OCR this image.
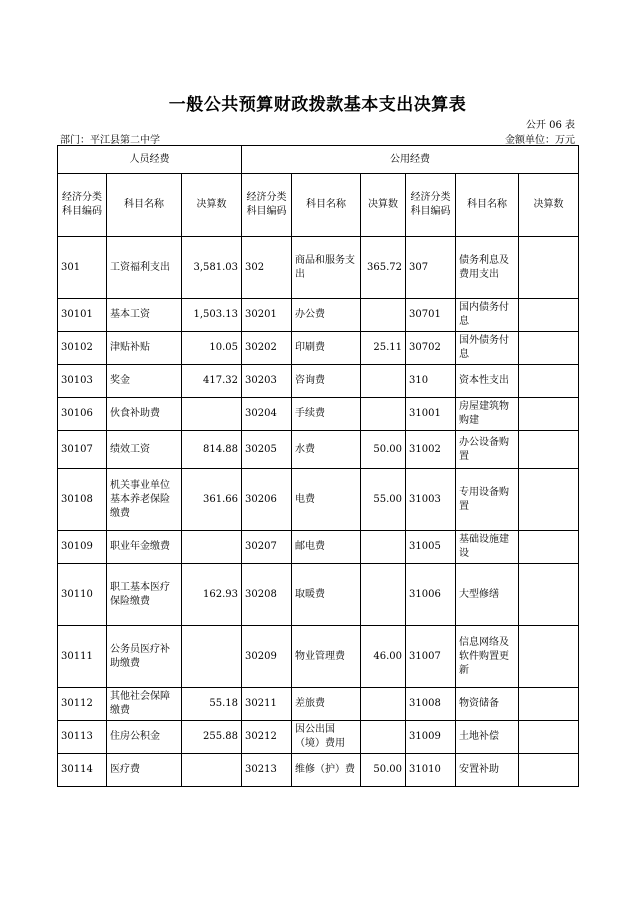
一般公共预算财政拨款基本支出决算表
公开 06 表
部门：平江县第二中学	金额单位：万元
人员经费			公用经费					
经济分类科目编码	科目名称	决算数	经济分类科目编码	科目名称	决算数	经济分类科目编码	科目名称	决算数
301	工资福利支出	3,581.03	302	商品和服务支出	365.72	307	债务利息及费用支出	
30101	基本工资	1,503.13	30201	办公费		30701	国内债务付息	
30102	津贴补贴	10.05	30202	印刷费	25.11	30702	国外债务付息	
30103	奖金	417.32	30203	咨询费		310	资本性支出	
30106	伙食补助费		30204	手续费		31001	房屋建筑物购建	
30107	绩效工资	814.88	30205	水费	50.00	31002	办公设备购置	
30108	机关事业单位基本养老保险缴费	361.66	30206	电费	55.00	31003	专用设备购置	
30109	职业年金缴费		30207	邮电费		31005	基础设施建设	
30110	职工基本医疗保险缴费	162.93	30208	取暖费		31006	大型修缮	
30111	公务员医疗补助缴费		30209	物业管理费	46.00	31007	信息网络及软件购置更新	
30112	其他社会保障缴费	55.18	30211	差旅费		31008	物资储备	
30113	住房公积金	255.88	30212	因公出国（境）费用		31009	土地补偿	
30114	医疗费		30213	维修（护）费	50.00	31010	安置补助	
